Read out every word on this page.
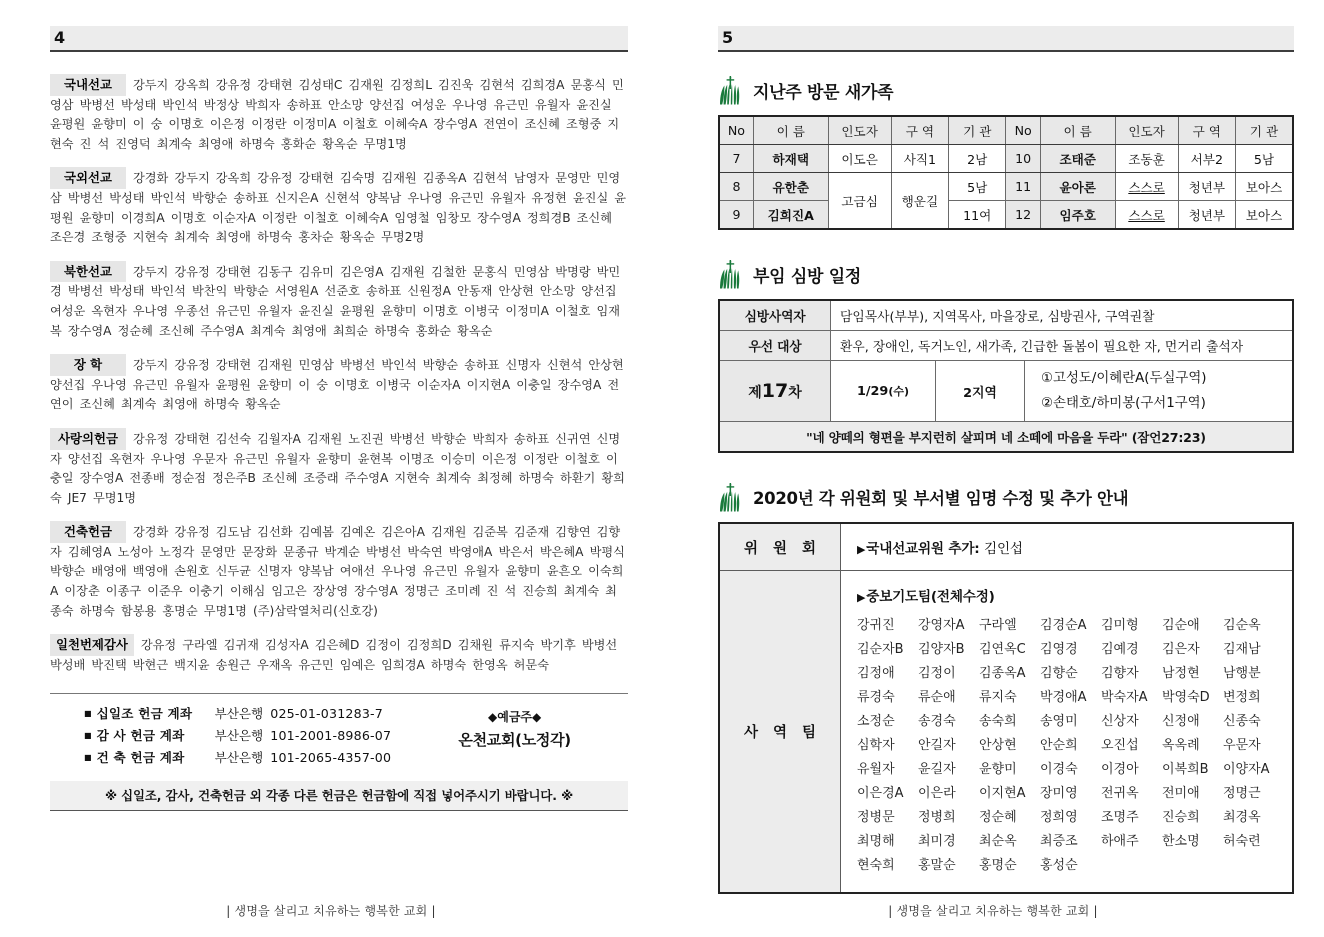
4

국내선교 강두지 강옥희 강유정 강태현 김성태C 김재원 김정희L 김진욱 김현석 김희경A 문홍식 민영삼 박병선 박성태 박인석 박정상 박희자 송하표 안소망 양선집 여성운 우나영 유근민 유월자 윤진실 윤평원 윤향미 이 숭 이명호 이은정 이정란 이정미A 이철호 이혜숙A 장수영A 전연이 조신혜 조형중 지현숙 진 석 진영덕 최계숙 최영애 하명숙 홍화순 황옥순 무명1명

국외선교 강경화 강두지 강옥희 강유정 강태현 김숙명 김재원 김종옥A 김현석 남영자 문영만 민영삼 박병선 박성태 박인석 박향순 송하표 신지은A 신현석 양복남 우나영 유근민 유월자 유정현 윤진실 윤평원 윤향미 이경희A 이명호 이순자A 이정란 이철호 이혜숙A 임영철 임창모 장수영A 정희경B 조신혜 조은경 조형중 지현숙 최계숙 최영애 하명숙 홍차순 황옥순 무명2명

북한선교 강두지 강유정 강태현 김동구 김유미 김은영A 김재원 김철한 문홍식 민영삼 박명랑 박민경 박병선 박성태 박인석 박찬익 박향순 서영원A 선준호 송하표 신원정A 안동재 안상현 안소망 양선집 여성운 옥현자 우나영 우종선 유근민 유월자 윤진실 윤평원 윤향미 이명호 이병국 이정미A 이철호 임재복 장수영A 정순혜 조신혜 주수영A 최계숙 최영애 최희순 하명숙 홍화순 황옥순

장 학	강두지 강유정 강태현 김재원 민영삼 박병선 박인석 박향순 송하표 신명자 신현석 안상현 양선집 우나영 유근민 유월자 윤평원 윤향미 이 숭 이명호 이병국 이순자A 이지현A 이충일 장수영A 전연이 조신혜 최계숙 최영애 하명숙 황옥순

사랑의헌금 강유정 강태현 김선숙 김월자A 김재원 노진권 박병선 박향순 박희자 송하표 신귀연 신명자 양선집 옥현자 우나영 우문자 유근민 유월자 윤향미 윤현복 이명조 이승미 이은정 이정란 이철호 이충일 장수영A 전종배 정순점 정은주B 조신혜 조증래 주수영A 지현숙 최계숙 최정혜 하명숙 하환기 황희숙 JE7 무명1명

건축헌금 강경화 강유정 김도남 김선화 김예봄 김예온 김은아A 김재원 김준복 김준재 김향연 김향자 김혜영A 노성아 노정각 문영만 문장화 문종규 박계순 박병선 박숙연 박영애A 박은서 박은혜A 박평식 박향순 배영애 백영애 손원호 신두균 신명자 양복남 여애선 우나영 유근민 유월자 윤향미 윤흔오 이숙희A 이장춘 이종구 이준우 이충기 이해심 임고은 장상영 장수영A 정명근 조미례 진 석 진승희 최계숙 최종숙 하명숙 함봉용 홍명순 무명1명 (주)삼락열처리(신호강)

일천번제감사 강유정 구라엘 김귀재 김성자A 김은혜D 김정이 김정희D 김채원 류지숙 박기후 박병선 박성배 박진택 박현근 백지윤 송원근 우재옥 유근민 임예은 임희경A 하명숙 한영옥 허문숙

■ 십일조 헌금 계좌	부산은행 025-01-031283-7
■ 감 사 헌금 계좌	부산은행 101-2001-8986-07
■ 건 축 헌금 계좌	부산은행 101-2065-4357-00
◆예금주◆
온천교회(노정각)
※ 십일조, 감사, 건축헌금 외 각종 다른 헌금은 헌금함에 직접 넣어주시기 바랍니다. ※
| 생명을 살리고 치유하는 행복한 교회 |
5
지난주 방문 새가족
No	이 름	인도자	구 역	기 관	No	이 름	인도자	구 역	기 관
7	하재택	이도은	사직1	2남	10	조태준	조동훈	서부2	5남
8	유한춘	고금심	행운길	5남	11	윤아론	스스로	청년부	보아스
9	김희진A			11여	12	임주호	스스로	청년부	보아스
부임 심방 일정
심방사역자	담임목사(부부), 지역목사, 마을장로, 심방권사, 구역권찰		
우선 대상	환우, 장애인, 독거노인, 새가족, 긴급한 돌봄이 필요한 자, 먼거리 출석자		
제17차	1/29(수)	2지역	①고성도/이혜란A(두실구역)
②손태호/하미봉(구서1구역)

"네 양떼의 형편을 부지런히 살피며 네 소떼에 마음을 두라" (잠언27:23)			
2020년 각 위원회 및 부서별 임명 수정 및 추가 안내
위 원 회	▶국내선교위원 추가: 김인섭

사 역 팀	
▶중보기도팀(전체수정)
강귀진	강영자A	구라엘	김경순A	김미형	김순애	김순옥
김순자B	김양자B	김연옥C	김영경	김예경	김은자	김재남
김정애	김정이	김종옥A	김향순	김향자	남정현	남행분
류경숙	류순애	류지숙	박경애A	박숙자A	박영숙D	변정희
소정순	송경숙	송숙희	송영미	신상자	신정애	신종숙
심학자	안길자	안상현	안순희	오진섭	옥옥례	우문자
유월자	윤길자	윤향미	이경숙	이경아	이복희B	이양자A
이은경A	이은라	이지현A	장미영	전귀옥	전미애	정명근
정병문	정병희	정순혜	정희영	조명주	진승희	최경옥
최명해	최미경	최순옥	최증조	하애주	한소명	허숙련
현숙희	홍말순	홍명순	홍성순
| 생명을 살리고 치유하는 행복한 교회 |
